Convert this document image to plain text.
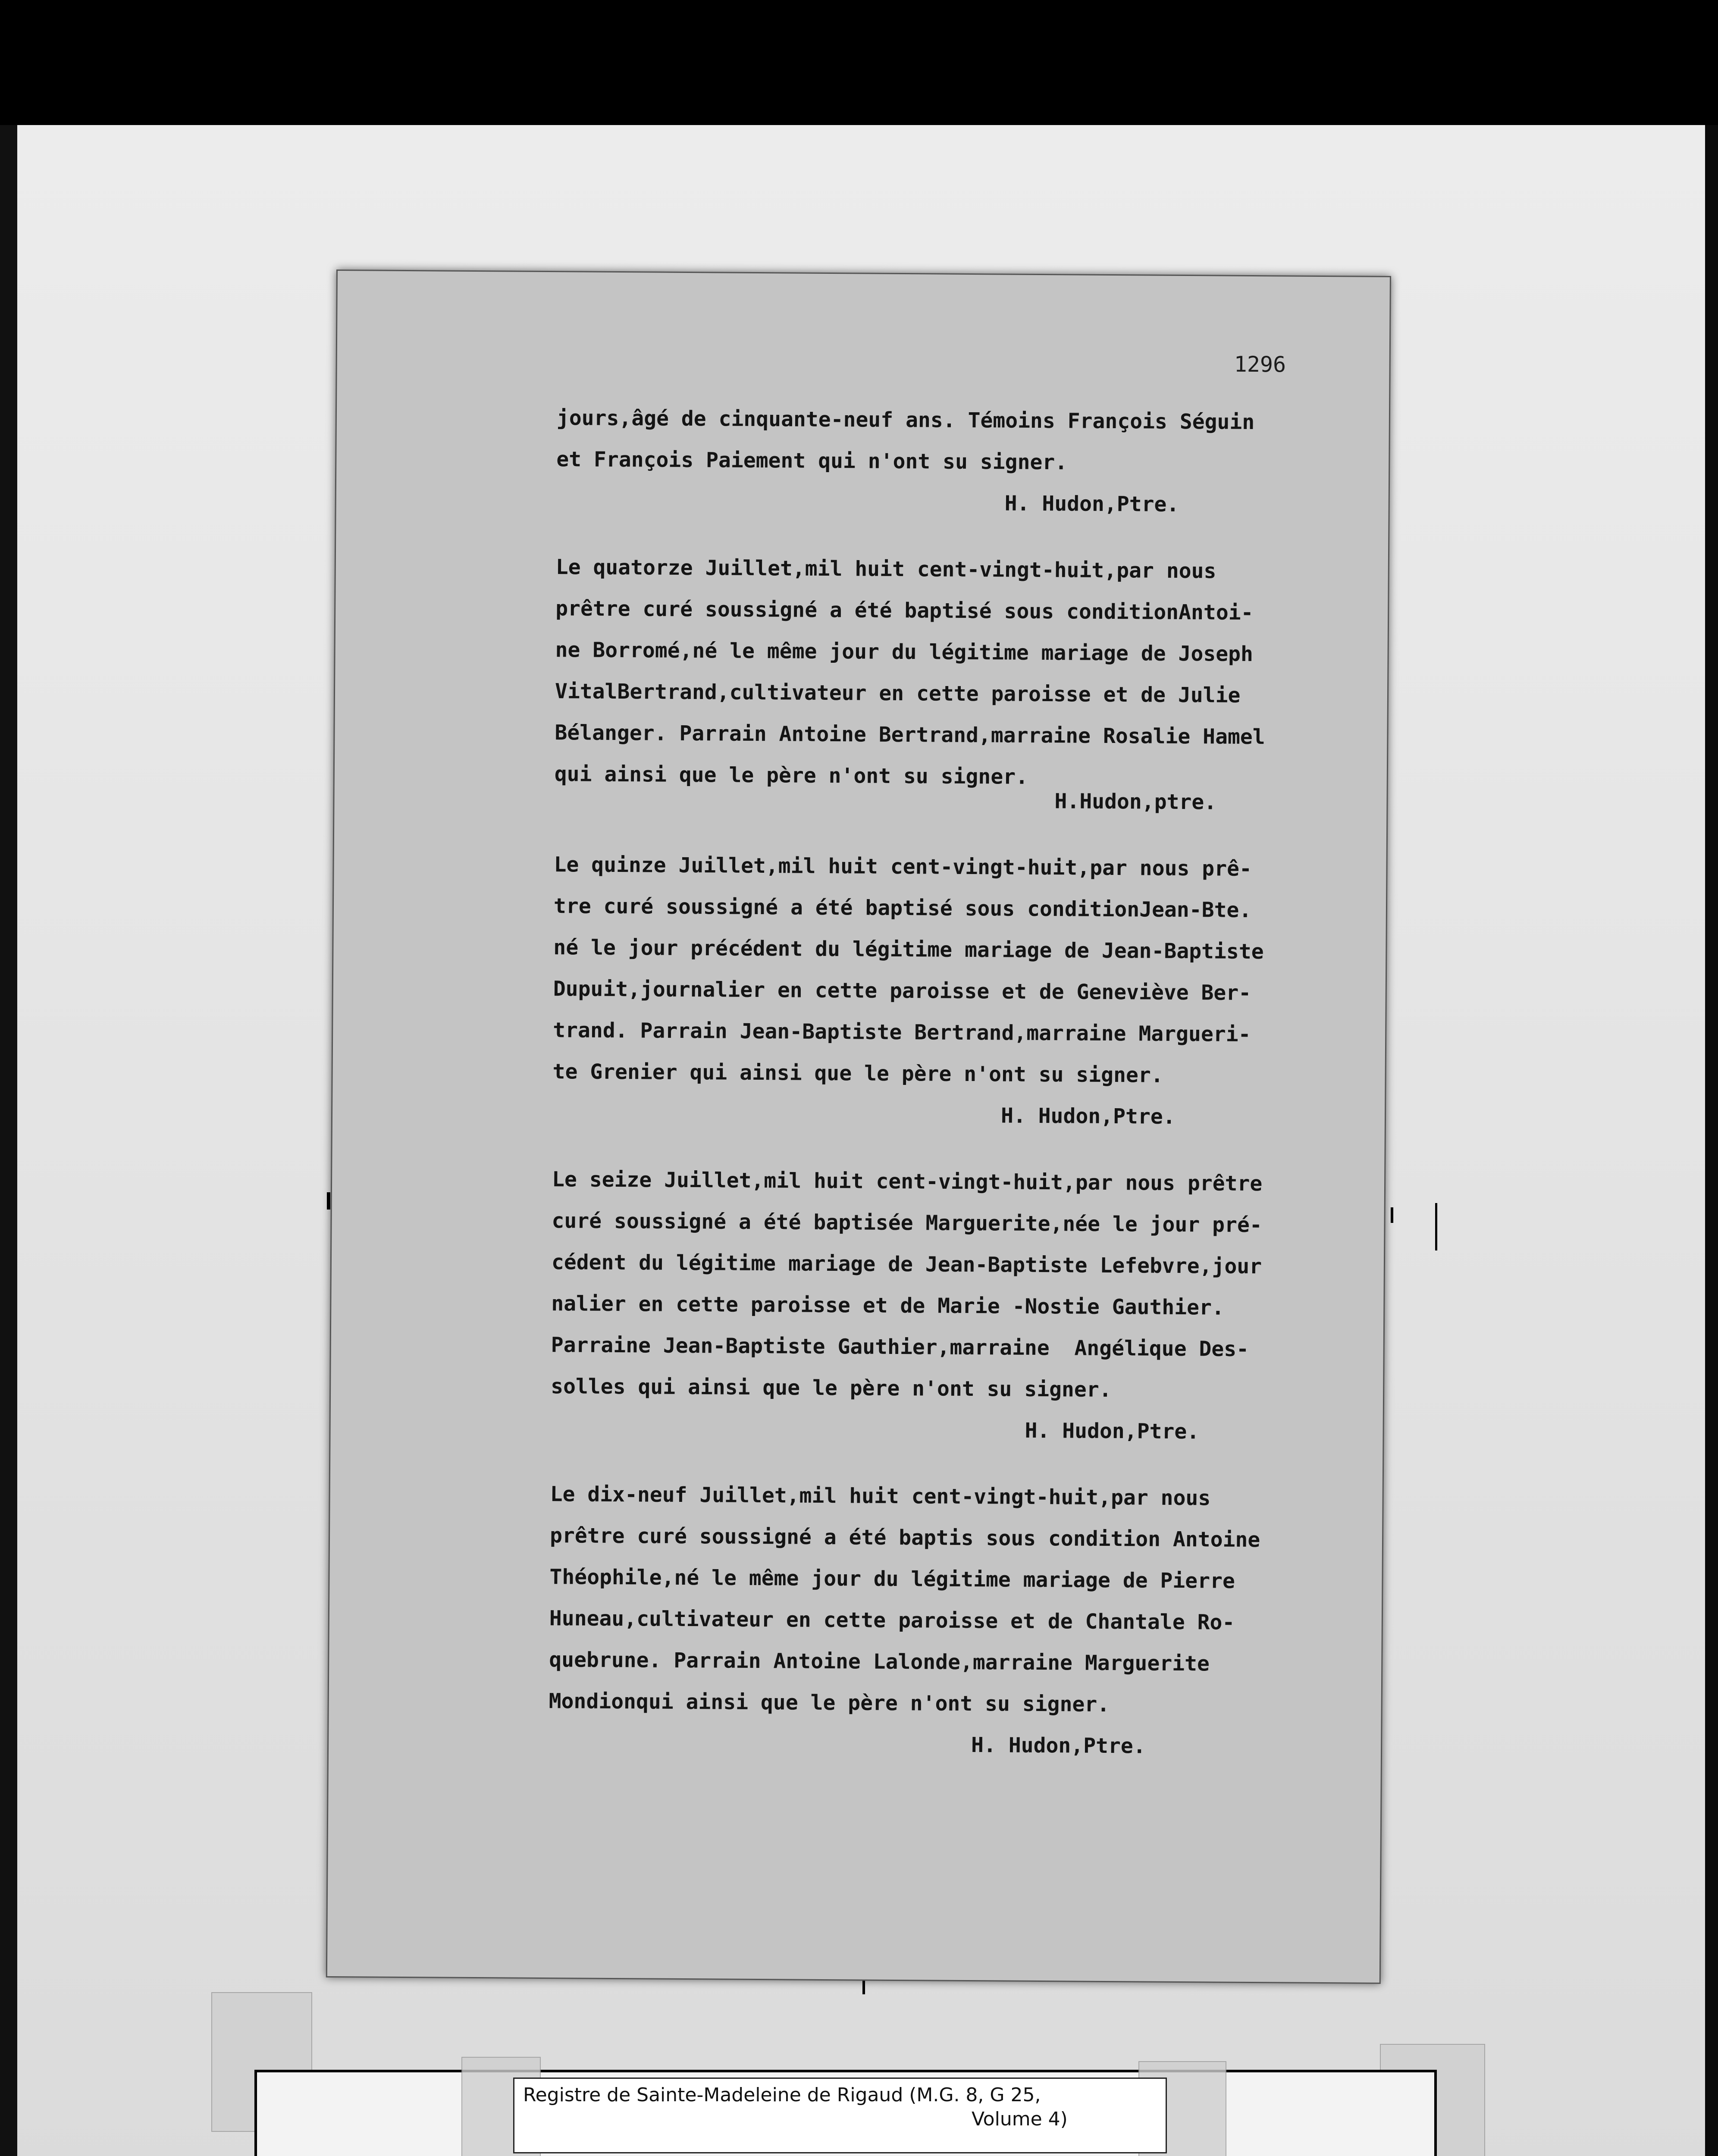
1296
jours,âgé de cinquante-neuf ans. Témoins François Séguin
et François Paiement qui n'ont su signer.
H. Hudon,Ptre.
Le quatorze Juillet,mil huit cent-vingt-huit,par nous
prêtre curé soussigné a été baptisé sous conditionAntoi-
ne Borromé,né le même jour du légitime mariage de Joseph
VitalBertrand,cultivateur en cette paroisse et de Julie
Bélanger. Parrain Antoine Bertrand,marraine Rosalie Hamel
qui ainsi que le père n'ont su signer.
H.Hudon,ptre.
Le quinze Juillet,mil huit cent-vingt-huit,par nous prê-
tre curé soussigné a été baptisé sous conditionJean-Bte.
né le jour précédent du légitime mariage de Jean-Baptiste
Dupuit,journalier en cette paroisse et de Geneviève Ber-
trand. Parrain Jean-Baptiste Bertrand,marraine Margueri-
te Grenier qui ainsi que le père n'ont su signer.
H. Hudon,Ptre.
Le seize Juillet,mil huit cent-vingt-huit,par nous prêtre
curé soussigné a été baptisée Marguerite,née le jour pré-
cédent du légitime mariage de Jean-Baptiste Lefebvre,jour
nalier en cette paroisse et de Marie -Nostie Gauthier.
Parraine Jean-Baptiste Gauthier,marraine  Angélique Des-
solles qui ainsi que le père n'ont su signer.
H. Hudon,Ptre.
Le dix-neuf Juillet,mil huit cent-vingt-huit,par nous
prêtre curé soussigné a été baptis sous condition Antoine
Théophile,né le même jour du légitime mariage de Pierre
Huneau,cultivateur en cette paroisse et de Chantale Ro-
quebrune. Parrain Antoine Lalonde,marraine Marguerite
Mondionqui ainsi que le père n'ont su signer.
H. Hudon,Ptre.
Registre de Sainte-Madeleine de Rigaud (M.G. 8, G 25,
Volume 4)
